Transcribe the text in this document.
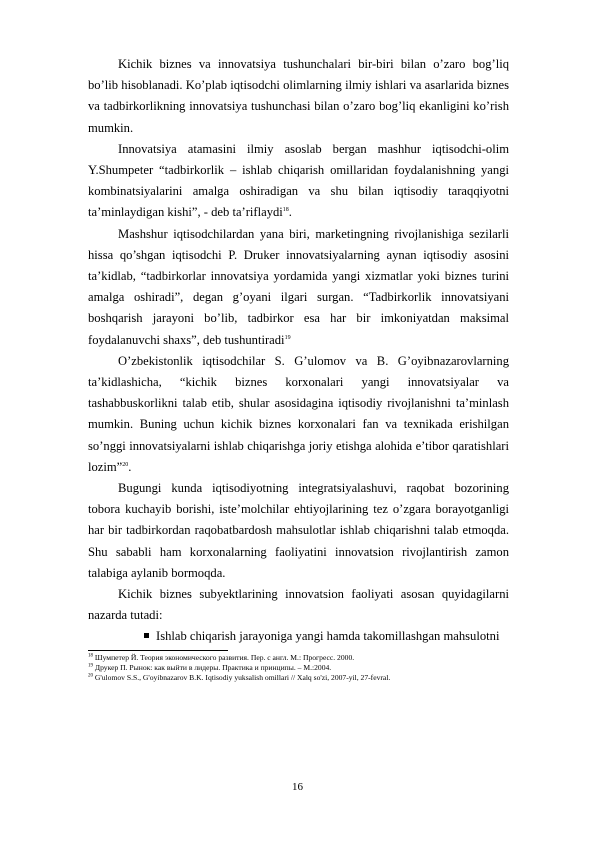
Kichik biznes va innovatsiya tushunchalari bir-biri bilan o’zaro bog’liq bo’lib hisoblanadi. Ko’plab iqtisodchi olimlarning ilmiy ishlari va asarlarida biznes va tadbirkorlikning innovatsiya tushunchasi bilan o’zaro bog’liq ekanligini ko’rish mumkin.

Innovatsiya atamasini ilmiy asoslab bergan mashhur iqtisodchi-olim Y.Shumpeter “tadbirkorlik – ishlab chiqarish omillaridan foydalanishning yangi kombinatsiyalarini amalga oshiradigan va shu bilan iqtisodiy taraqqiyotni ta’minlaydigan kishi”, - deb ta’riflaydi$^{18}$.

Mashshur iqtisodchilardan yana biri, marketingning rivojlanishiga sezilarli hissa qo’shgan iqtisodchi P. Druker innovatsiyalarning aynan iqtisodiy asosini ta’kidlab, “tadbirkorlar innovatsiya yordamida yangi xizmatlar yoki biznes turini amalga oshiradi”, degan g’oyani ilgari surgan. “Tadbirkorlik innovatsiyani boshqarish jarayoni bo’lib, tadbirkor esa har bir imkoniyatdan maksimal foydalanuvchi shaxs”, deb tushuntiradi$^{19}$

O’zbekistonlik iqtisodchilar S. G’ulomov va B. G’oyibnazarovlarning ta’kidlashicha, “kichik biznes korxonalari yangi innovatsiyalar va tashabbuskorlikni talab etib, shular asosidagina iqtisodiy rivojlanishni ta’minlash mumkin. Buning uchun kichik biznes korxonalari fan va texnikada erishilgan so’nggi innovatsiyalarni ishlab chiqarishga joriy etishga alohida e’tibor qaratishlari lozim”$^{20}$.

Bugungi kunda iqtisodiyotning integratsiyalashuvi, raqobat bozorining tobora kuchayib borishi, iste’molchilar ehtiyojlarining tez o’zgara borayotganligi har bir tadbirkordan raqobatbardosh mahsulotlar ishlab chiqarishni talab etmoqda. Shu sababli ham korxonalarning faoliyatini innovatsion rivojlantirish zamon talabiga aylanib bormoqda.

Kichik biznes subyektlarining innovatsion faoliyati asosan quyidagilarni nazarda tutadi:

Ishlab chiqarish jarayoniga yangi hamda takomillashgan mahsulotni

$^{18}$ Шумпетер Й. Теория экономического развития. Пер. с англ. М.: Прогресс. 2000.

$^{19}$ Друкер П. Рынок: как выйти в лидеры. Практика и принципы. – М.:2004.

$^{20}$ G'ulomov S.S., G'oyibnazarov B.K. Iqtisodiy yuksalish omillari // Xalq so'zi, 2007-yil, 27-fevral.

16
